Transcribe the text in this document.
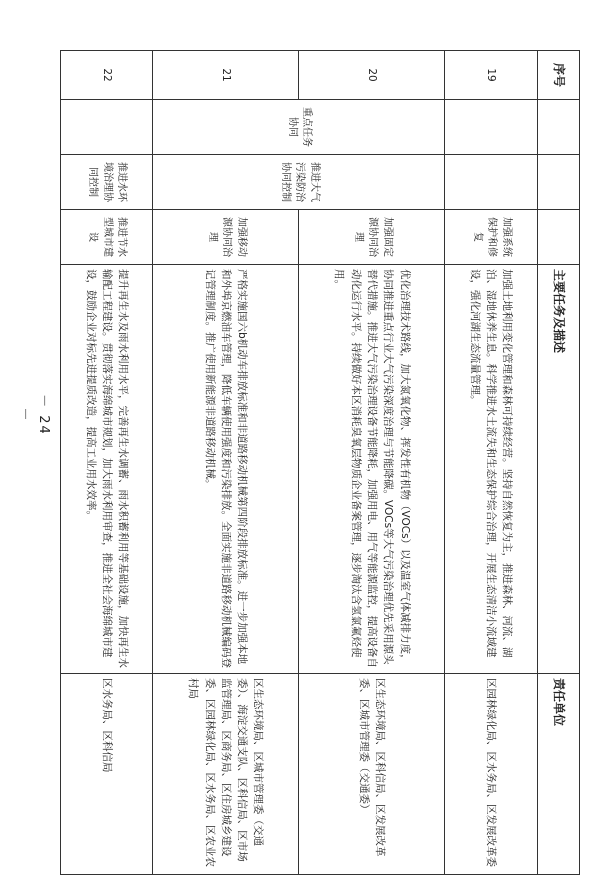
－ 24 －
序号				主要任务及描述	责任单位
19			加强系统保护和修复	加强土地利用变化管理和森林可持续经营。坚持自然恢复为主，推进森林、河流、湖泊、湿地休养生息。科学推进水土流失和生态保护综合治理，开展生态清洁小流域建设，强化河湖生态流量管理。	区园林绿化局、区水务局、区发展改革委
20	重点任务协同	推进大气污染防治协同控制	加强固定源协同治理	优化治理技术路线，加大氮氧化物、挥发性有机物（VOCs）以及温室气体减排力度，协同推进重点行业大气污染深度治理与节能降碳。VOCs等大气污染治理优先采用源头替代措施。推进大气污染治理设备节能降耗，加强用电、用气等能源监控，提高设备自动化运行水平。持续做好本区消耗臭氧层物质企业备案管理，逐步淘汰含氢氯氟烃使用。	区生态环境局、区科信局、区发展改革委、区城市管理委（交通委）
21			加强移动源协同治理	严格实施国六b机动车排放标准和非道路移动机械第四阶段排放标准。进一步加强本地和外埠京燃油车管理，降低车辆使用强度和污染排放。全面实施非道路移动机械编码登记管理制度。推广使用新能源非道路移动机械。	区生态环境局、区城市管理委（交通委）、海淀交通支队、区科信局、区市场监管理局、区商务局、区住房城乡建设委、区园林绿化局、区水务局、区农业农村局
22		推进水环境治理协同控制	推进节水型城市建设	提升再生水及雨水利用水平，完善再生水调蓄、雨水积蓄利用等基础设施，加快再生水输配工程建设。贯彻落实海绵城市规划，加大雨水利用审查，推进全社会海绵城市建设，鼓励企业对标先进提质改造，提高工业用水效率。	区水务局、区科信局
